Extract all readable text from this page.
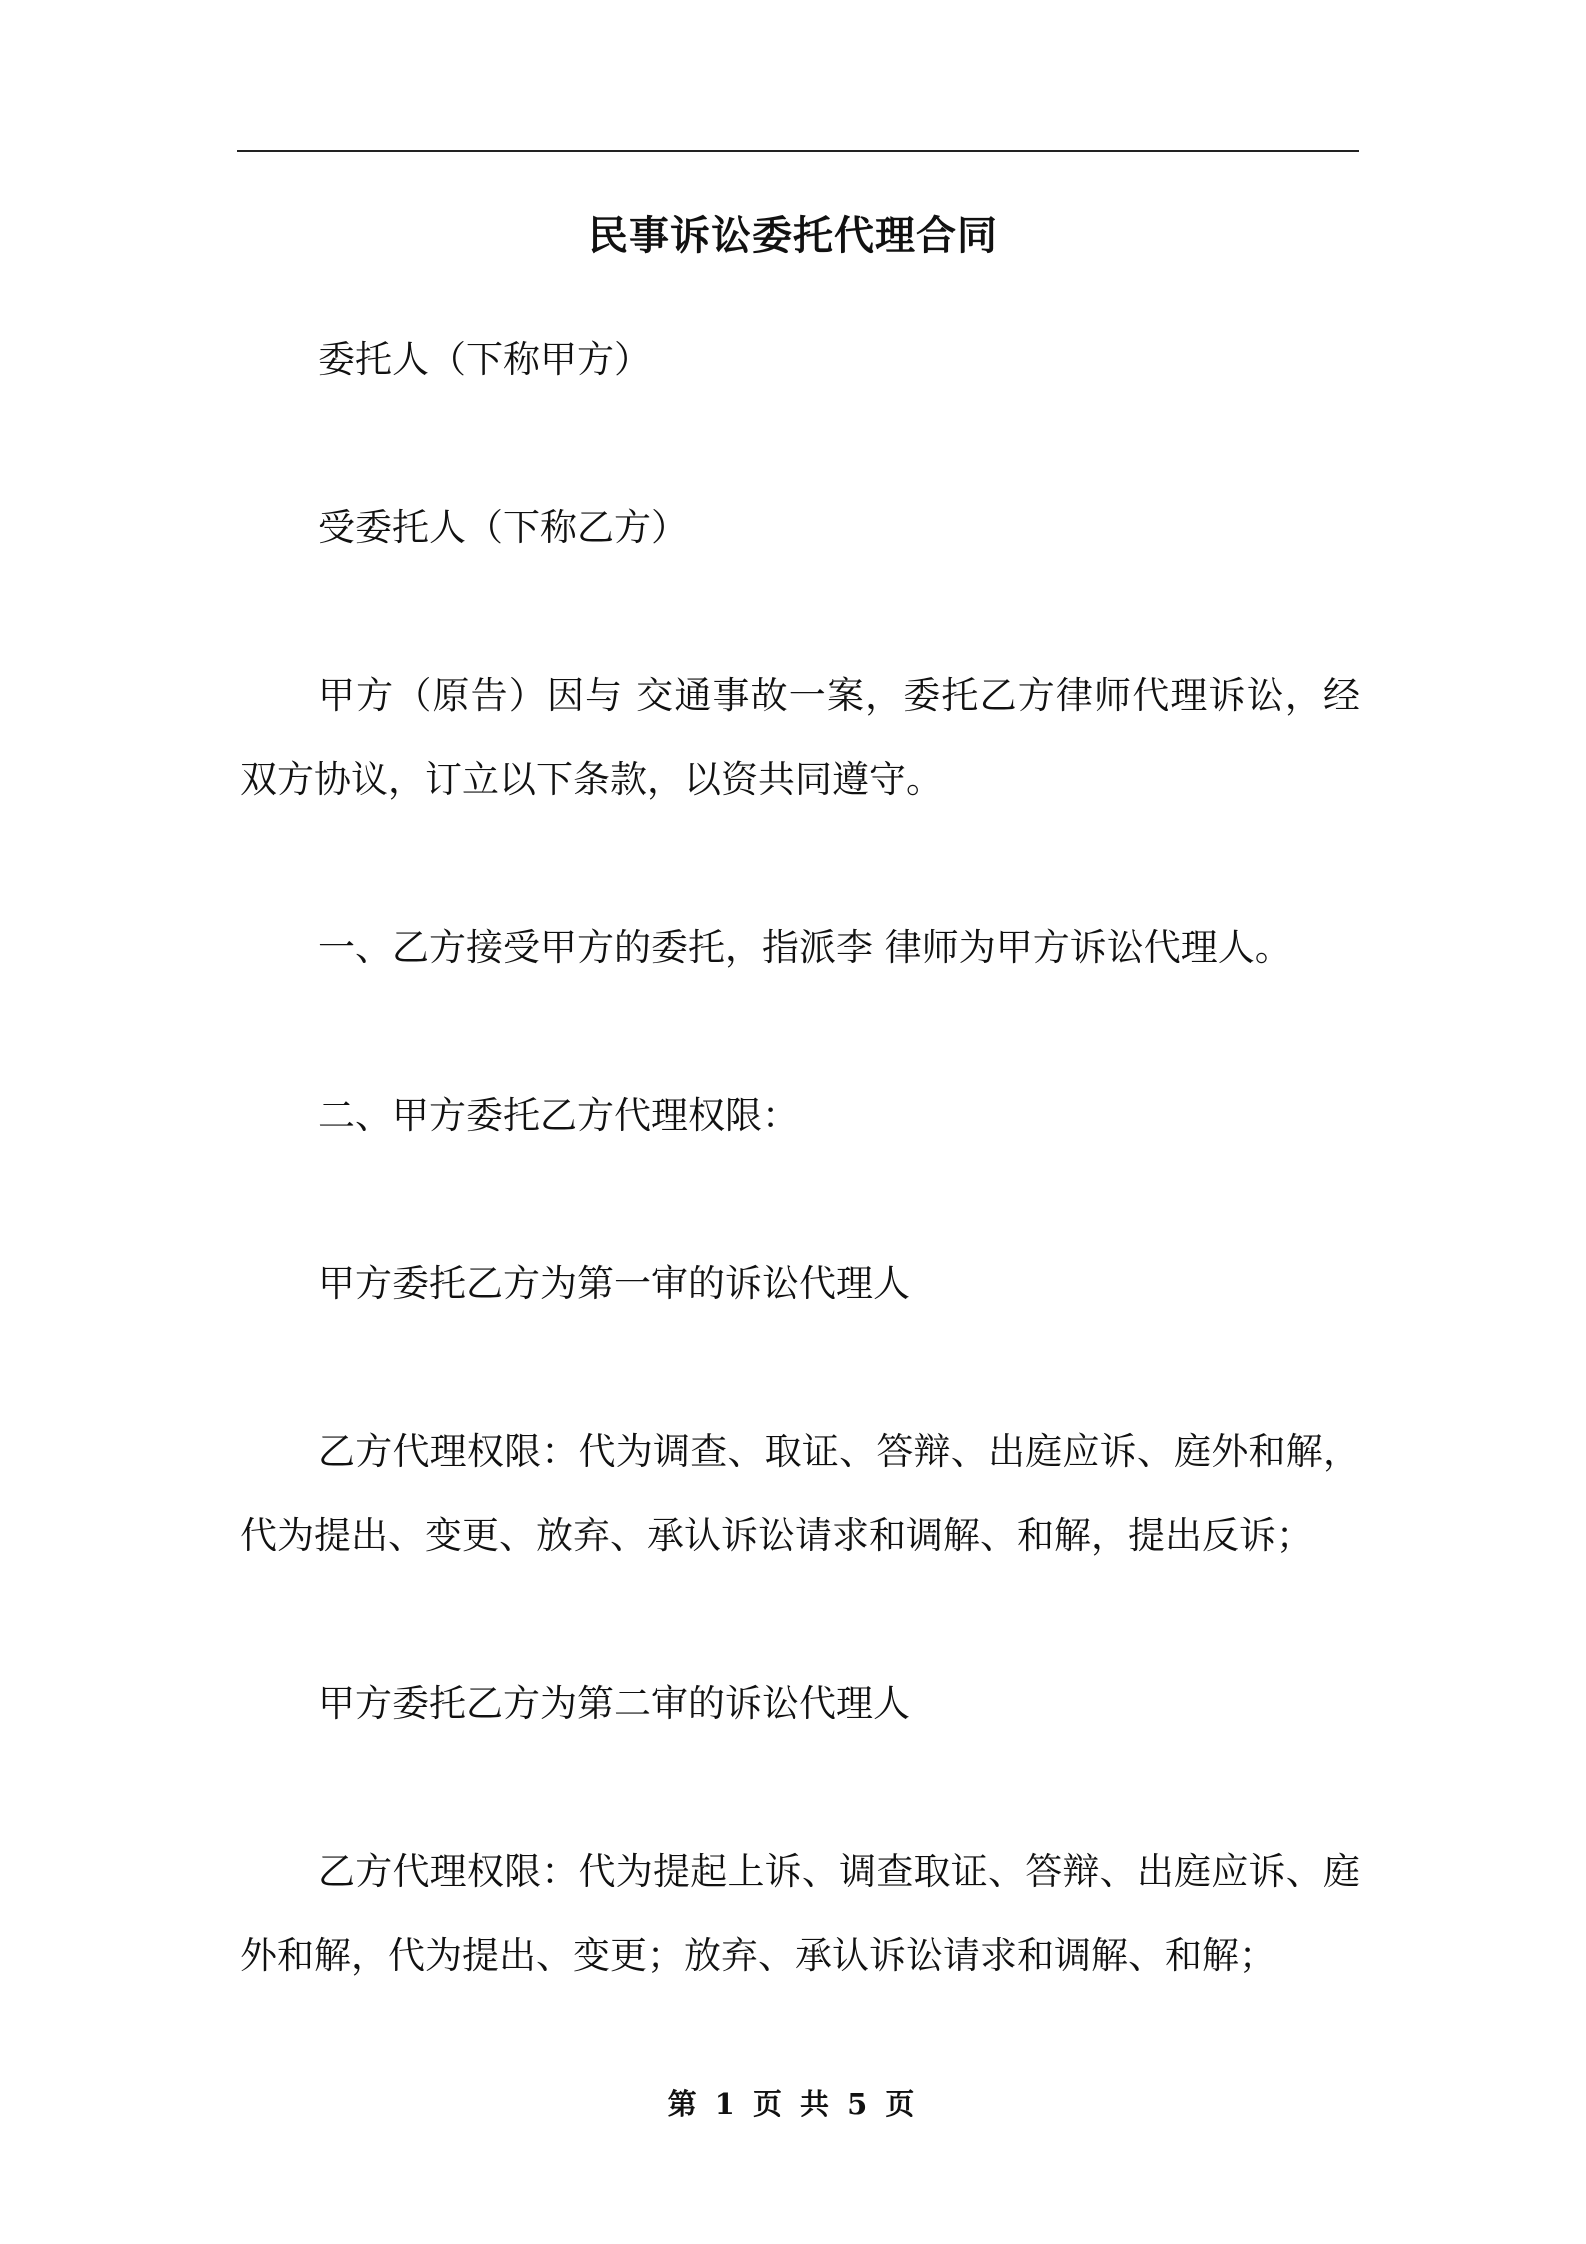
民事诉讼委托代理合同
委托人（下称甲方）
受委托人（下称乙方）
甲方（原告）因与 交通事故一案，委托乙方律师代理诉讼，经
双方协议，订立以下条款，以资共同遵守。
一、乙方接受甲方的委托，指派李 律师为甲方诉讼代理人。
二、甲方委托乙方代理权限：
甲方委托乙方为第一审的诉讼代理人
乙方代理权限：代为调查、取证、答辩、出庭应诉、庭外和解，
代为提出、变更、放弃、承认诉讼请求和调解、和解，提出反诉；
甲方委托乙方为第二审的诉讼代理人
乙方代理权限：代为提起上诉、调查取证、答辩、出庭应诉、庭
外和解，代为提出、变更；放弃、承认诉讼请求和调解、和解；
第 1 页 共 5 页
